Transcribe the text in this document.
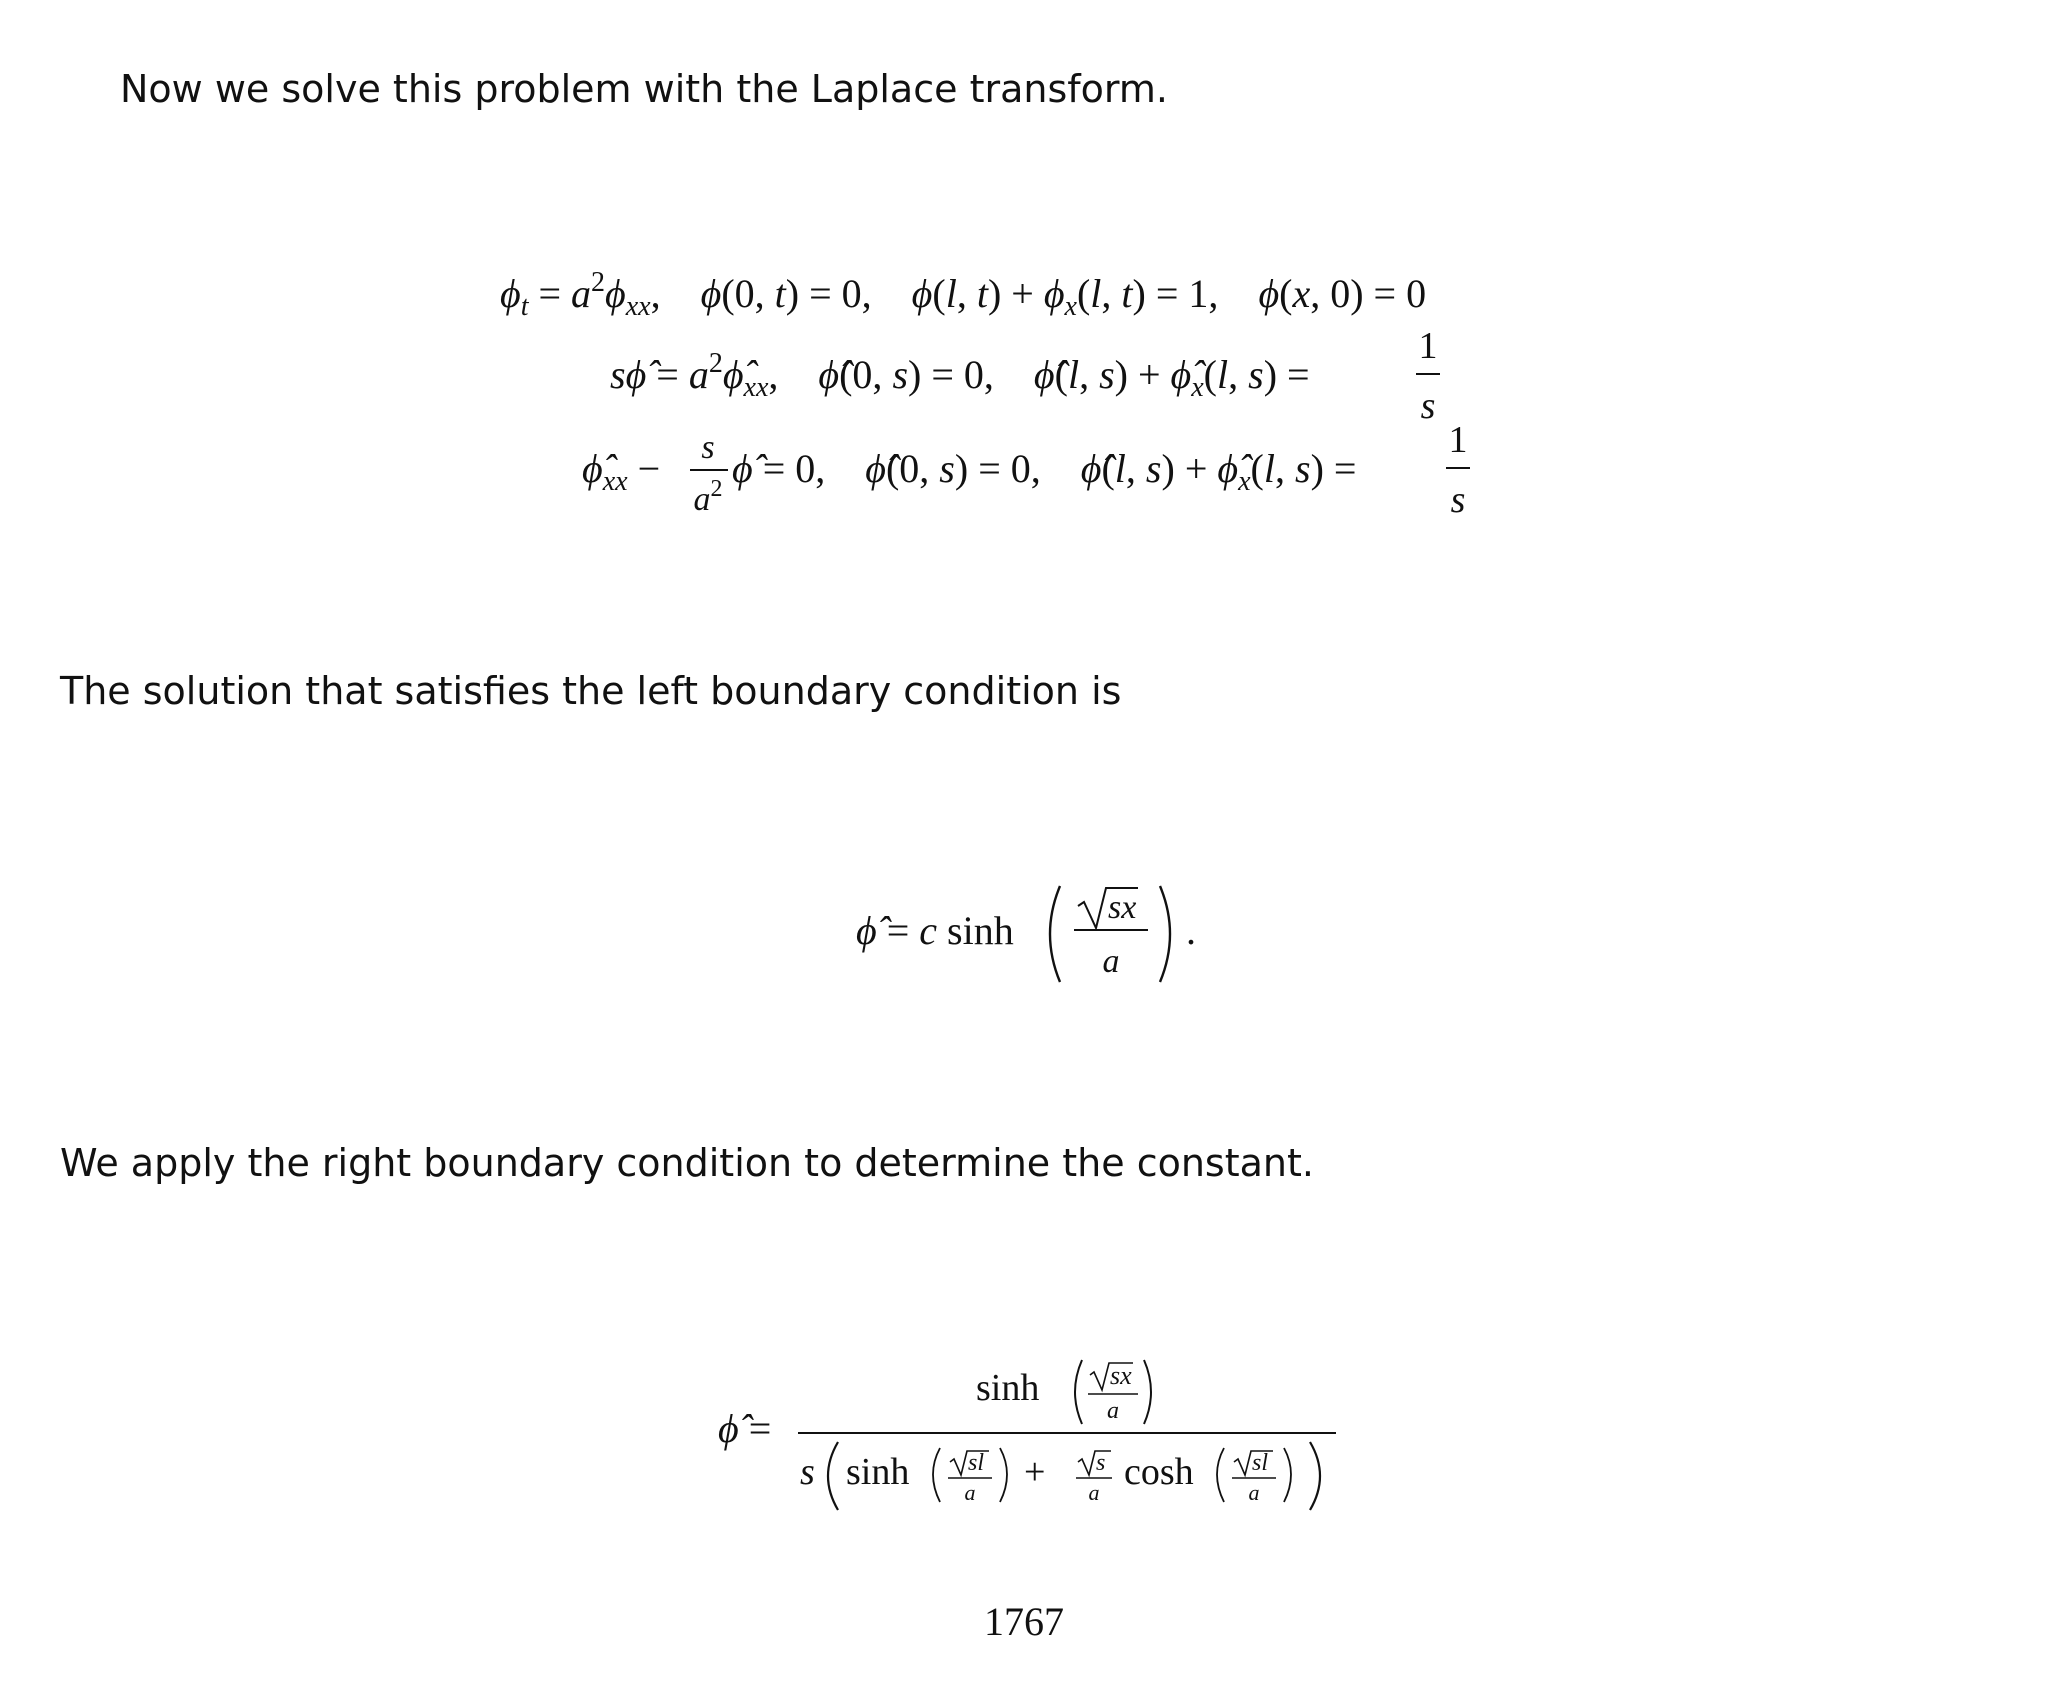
Now we solve this problem with the Laplace transform.
The solution that satisfies the left boundary condition is
We apply the right boundary condition to determine the constant.
$\phi_t = a^2\phi_{xx}$,    ϕ(0, t) = 0,    ϕ(l, $t) + \phi_x(l$, t) = 1,    ϕ(x, 0) = 0
sϕ̂ = $a^2\phî_{xx}$,    ϕ̂(0, s) = 0,    ϕ̂(l, $s) + \phî_x(l$, s) =
1
s
$\phî_{xx} - s$
$a^2$ ϕ̂ = 0,    ϕ̂(0, s) = 0,    ϕ̂(l, $s) + \phî_x(l$, s) =
1
s
ϕ̂ = c sinh
sx
a
.
ϕ̂ =
sinh	sx
a
s sinh sl
a + s
a cosh sl
a
1767
